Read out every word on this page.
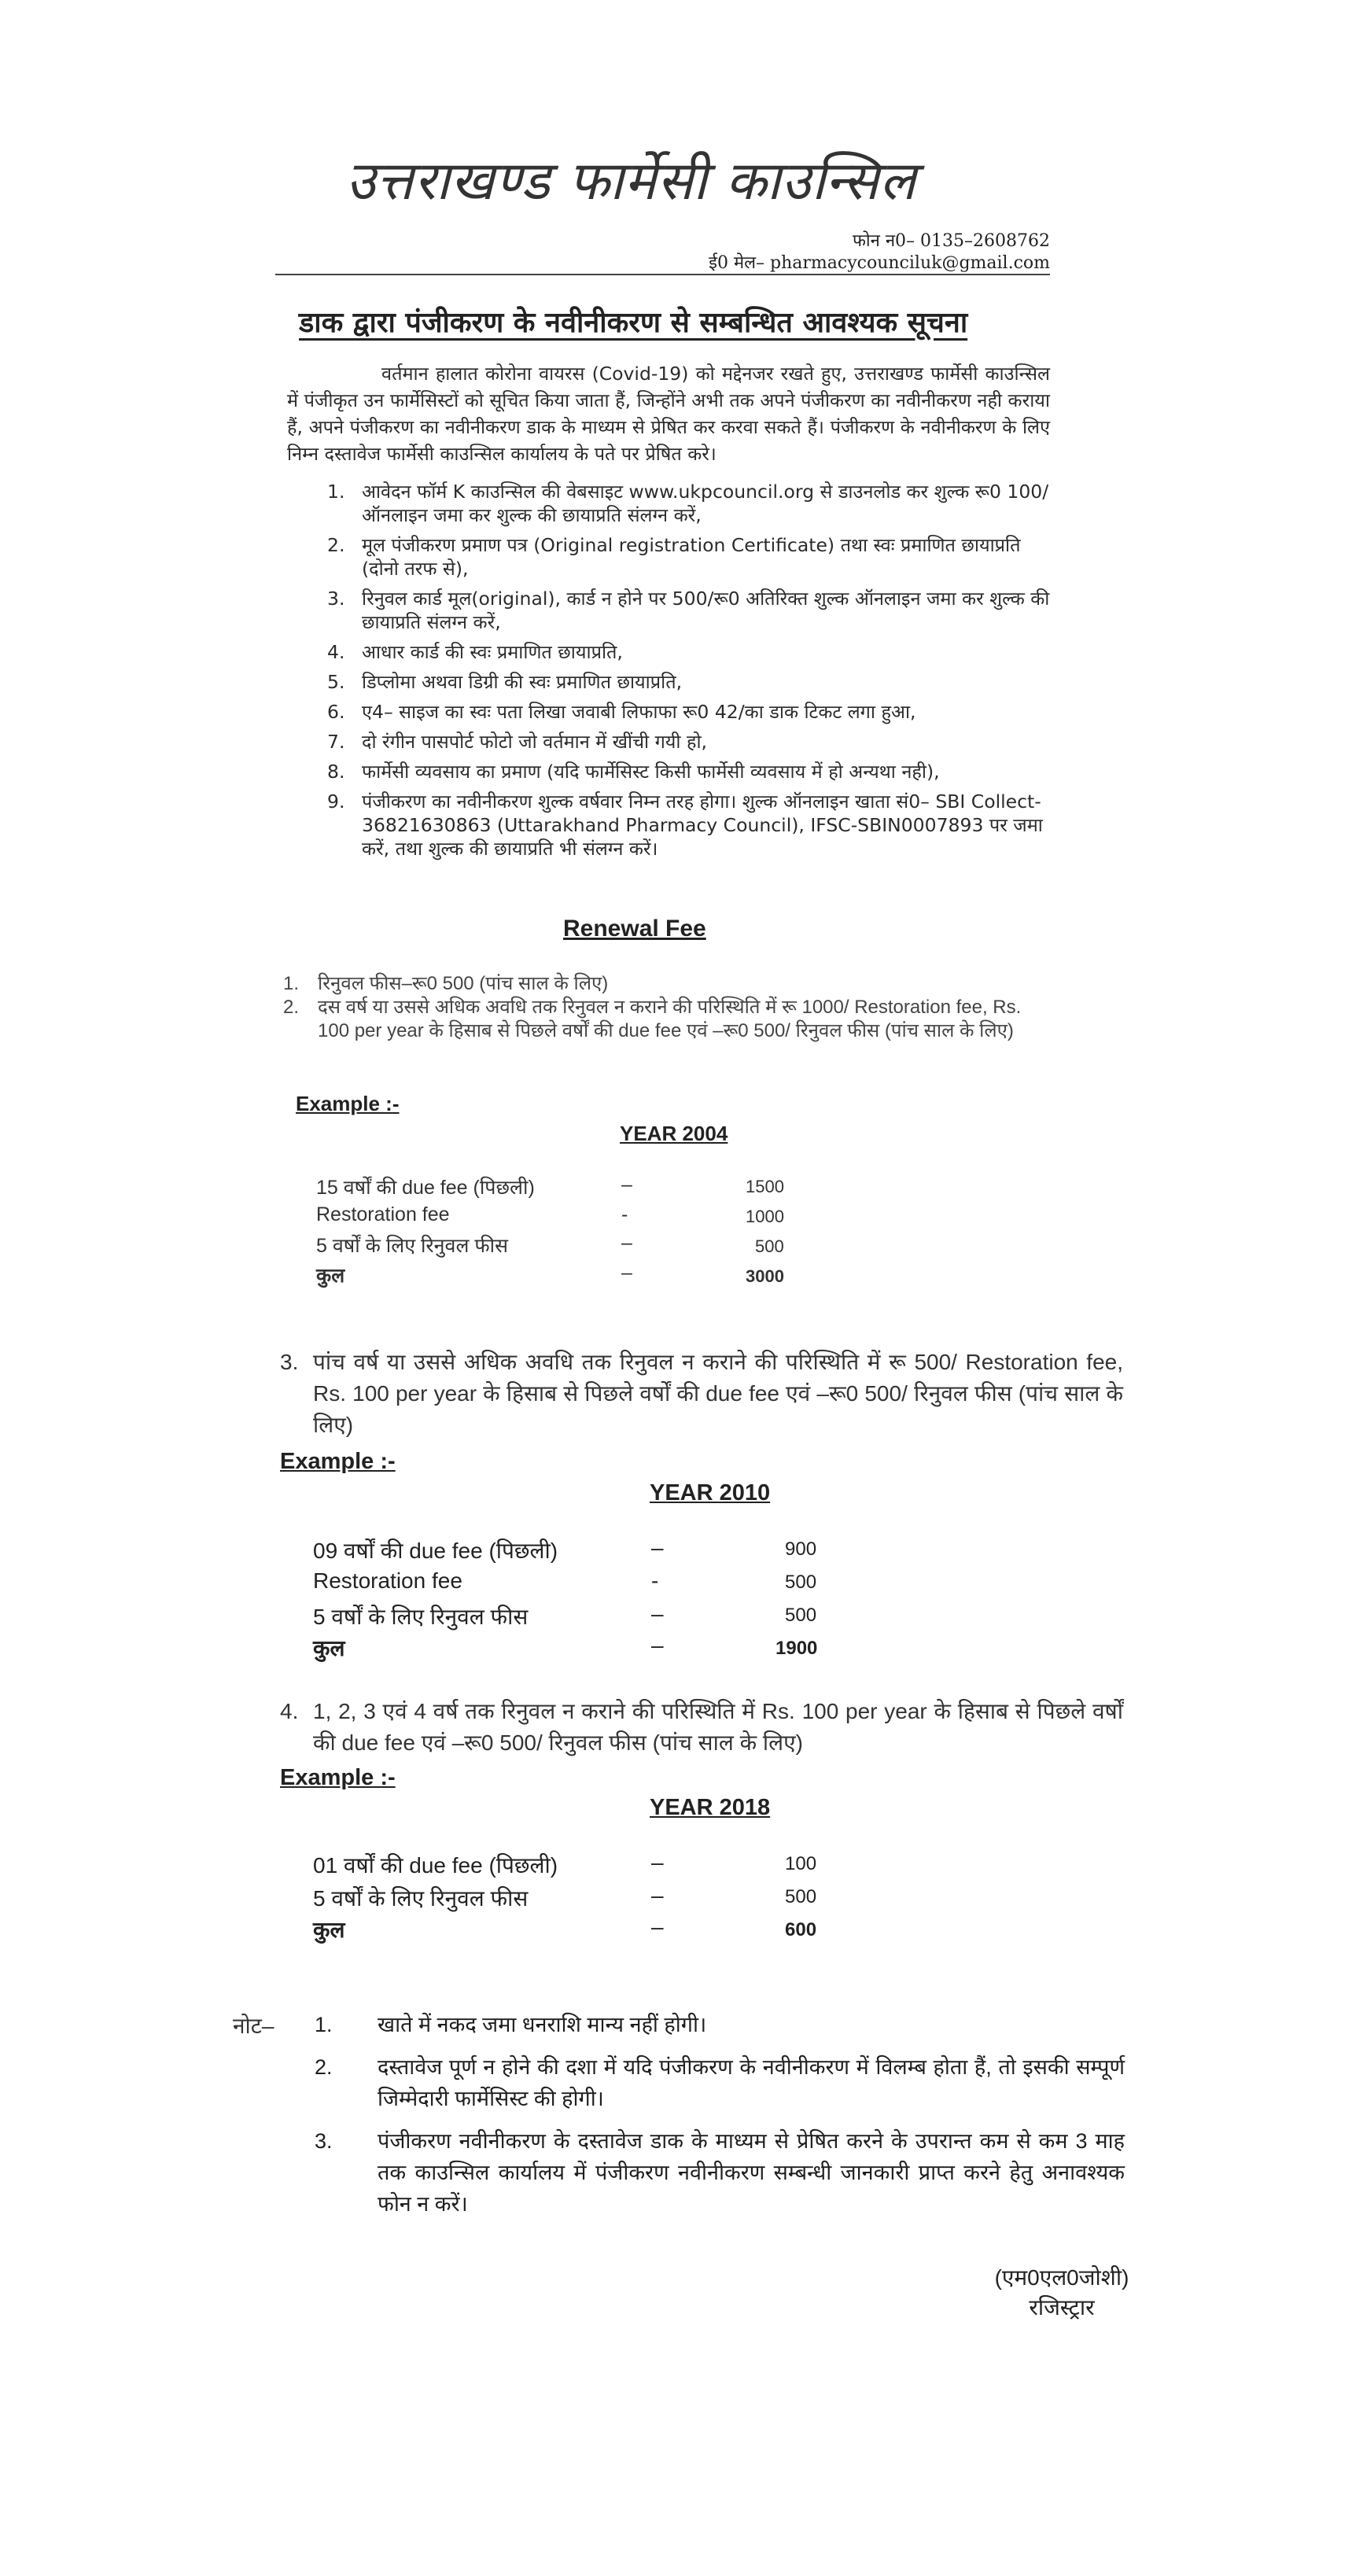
उत्तराखण्ड फार्मेसी काउन्सिल
फोन न0– 0135–2608762
ई0 मेल– pharmacycounciluk@gmail.com
डाक द्वारा पंजीकरण के नवीनीकरण से सम्बन्धित आवश्यक सूचना
वर्तमान हालात कोरोना वायरस (Covid-19) को मद्देनजर रखते हुए, उत्तराखण्ड फार्मेसी काउन्सिल में पंजीकृत उन फार्मेसिस्टों को सूचित किया जाता हैं, जिन्होंने अभी तक अपने पंजीकरण का नवीनीकरण नही कराया हैं, अपने पंजीकरण का नवीनीकरण डाक के माध्यम से प्रेषित कर करवा सकते हैं। पंजीकरण के नवीनीकरण के लिए निम्न दस्तावेज फार्मेसी काउन्सिल कार्यालय के पते पर प्रेषित करे।
1. आवेदन फॉर्म K काउन्सिल की वेबसाइट www.ukpcouncil.org से डाउनलोड कर शुल्क रू0 100/ ऑनलाइन जमा कर शुल्क की छायाप्रति संलग्न करें,
2. मूल पंजीकरण प्रमाण पत्र (Original registration Certificate) तथा स्वः प्रमाणित छायाप्रति (दोनो तरफ से),
3. रिनुवल कार्ड मूल(original), कार्ड न होने पर 500/रू0 अतिरिक्त शुल्क ऑनलाइन जमा कर शुल्क की छायाप्रति संलग्न करें,
4. आधार कार्ड की स्वः प्रमाणित छायाप्रति,
5. डिप्लोमा अथवा डिग्री की स्वः प्रमाणित छायाप्रति,
6. ए4– साइज का स्वः पता लिखा जवाबी लिफाफा रू0 42/का डाक टिकट लगा हुआ,
7. दो रंगीन पासपोर्ट फोटो जो वर्तमान में खींची गयी हो,
8. फार्मेसी व्यवसाय का प्रमाण (यदि फार्मेसिस्ट किसी फार्मेसी व्यवसाय में हो अन्यथा नही),
9. पंजीकरण का नवीनीकरण शुल्क वर्षवार निम्न तरह होगा। शुल्क ऑनलाइन खाता सं0– SBI Collect- 36821630863 (Uttarakhand Pharmacy Council), IFSC-SBIN0007893 पर जमा करें, तथा शुल्क की छायाप्रति भी संलग्न करें।
Renewal Fee
1. रिनुवल फीस–रू0 500 (पांच साल के लिए)
2. दस वर्ष या उससे अधिक अवधि तक रिनुवल न कराने की परिस्थिति में रू 1000/ Restoration fee, Rs. 100 per year के हिसाब से पिछले वर्षों की due fee एवं –रू0 500/ रिनुवल फीस (पांच साल के लिए)
Example :-
YEAR 2004
15 वर्षों की due fee (पिछली)	–	1500
Restoration fee	-	1000
5 वर्षों के लिए रिनुवल फीस	–	500
कुल	–	3000
3. पांच वर्ष या उससे अधिक अवधि तक रिनुवल न कराने की परिस्थिति में रू 500/ Restoration fee, Rs. 100 per year के हिसाब से पिछले वर्षों की due fee एवं –रू0 500/ रिनुवल फीस (पांच साल के लिए)
Example :-
YEAR 2010
09 वर्षों की due fee (पिछली)	–	900
Restoration fee	-	500
5 वर्षों के लिए रिनुवल फीस	–	500
कुल	–	1900
4. 1, 2, 3 एवं 4 वर्ष तक रिनुवल न कराने की परिस्थिति में Rs. 100 per year के हिसाब से पिछले वर्षों की due fee एवं –रू0 500/ रिनुवल फीस (पांच साल के लिए)
Example :-
YEAR 2018
01 वर्षों की due fee (पिछली)	–	100
5 वर्षों के लिए रिनुवल फीस	–	500
कुल	–	600
नोट– 1. खाते में नकद जमा धनराशि मान्य नहीं होगी।
2. दस्तावेज पूर्ण न होने की दशा में यदि पंजीकरण के नवीनीकरण में विलम्ब होता हैं, तो इसकी सम्पूर्ण जिम्मेदारी फार्मेसिस्ट की होगी।
3. पंजीकरण नवीनीकरण के दस्तावेज डाक के माध्यम से प्रेषित करने के उपरान्त कम से कम 3 माह तक काउन्सिल कार्यालय में पंजीकरण नवीनीकरण सम्बन्धी जानकारी प्राप्त करने हेतु अनावश्यक फोन न करें।
(एम0एल0जोशी)
रजिस्ट्रार
